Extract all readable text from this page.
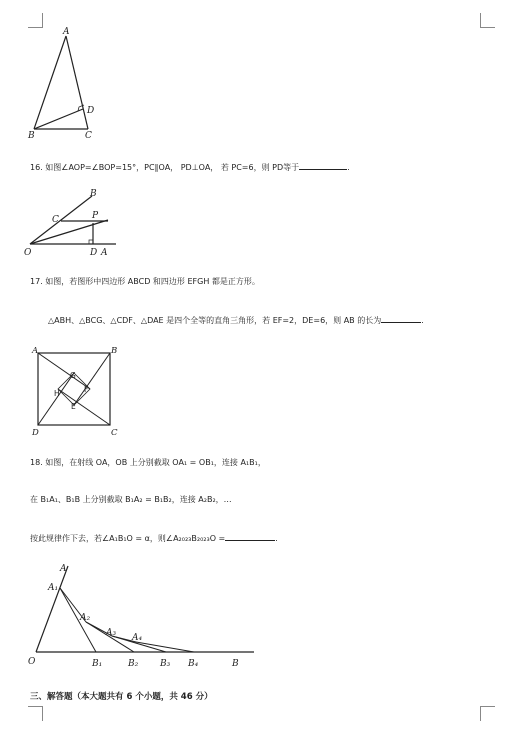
A
B	C
D
16. 如图∠AOP=∠BOP=15°，PC∥OA， PD⊥OA， 若 PC=6，则 PD等于	.
B
C	P
O	D A
17. 如图，若图形中四边形 ABCD 和四边形 EFGH 都是正方形。
△ABH、△BCG、△CDF、△DAE 是四个全等的直角三角形，若 EF=2，DE=6，则 AB 的长为	.
A	B
D	C
G
F
H
E
18. 如图，在射线 OA，OB 上分别截取 OA₁ = OB₁，连接 A₁B₁，
在 B₁A₁、B₁B 上分别截取 B₁A₂ = B₁B₂，连接 A₂B₂，…
按此规律作下去，若∠A₁B₁O = α，则∠A₂₀₂₃B₂₀₂₃O =	.
A
A₁
A₂
A₃ A₄
O	B₁	B₂ B₃ B₄	B
三、解答题（本大题共有 6 个小题，共 46 分）
